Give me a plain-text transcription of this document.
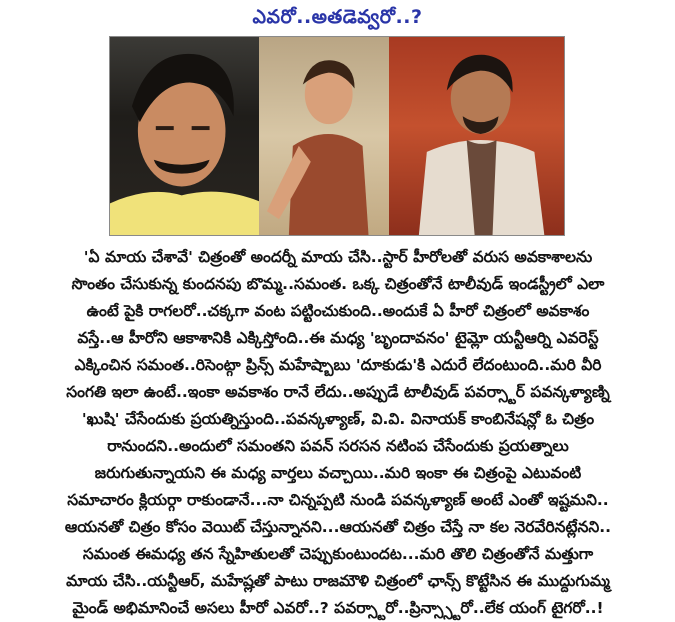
ఎవరో..అతడెవ్వరో..?
'ఏ మాయ చేశావే' చిత్రంతో అందర్నీ మాయ చేసి..స్టార్ హీరోలతో వరుస అవకాశాలను
సొంతం చేసుకున్న కుందనపు బొమ్మ..సమంత. ఒక్క చిత్రంతోనే టాలీవుడ్ ఇండస్ట్రీలో ఎలా
ఉంటే పైకి రాగలరో..చక్కగా వంట పట్టించుకుంది..అందుకే ఏ హీరో చిత్రంలో అవకాశం
వస్తే..ఆ హీరోని ఆకాశానికి ఎక్కిస్తోంది..ఈ మధ్య 'బృందావనం' టైమ్లో యన్టీఆర్ని ఎవరెస్ట్
ఎక్కించిన సమంత..రిసెంట్గా ప్రిన్స్ మహేష్బాబు 'దూకుడు'కి ఎదురే లేదంటుంది..మరి వీరి
సంగతి ఇలా ఉంటే..ఇంకా అవకాశం రానే లేదు..అప్పుడే టాలీవుడ్ పవర్స్టార్ పవన్కళ్యాణ్ని
'ఖుషి' చేసేందుకు ప్రయత్నిస్తుంది..పవన్కళ్యాణ్, వి.వి. వినాయక్ కాంబినేషన్లో ఓ చిత్రం
రానుందని..అందులో సమంతని పవన్ సరసన నటింప చేసేందుకు ప్రయత్నాలు
జరుగుతున్నాయని ఈ మధ్య వార్తలు వచ్చాయి..మరి ఇంకా ఈ చిత్రంపై ఎటువంటి
సమాచారం క్లియర్గా రాకుండానే...నా చిన్నప్పటి నుండి పవన్కళ్యాణ్ అంటే ఎంతో ఇష్టమని..
ఆయనతో చిత్రం కోసం వెయిట్ చేస్తున్నానని...ఆయనతో చిత్రం చేస్తే నా కల నెరవేరినట్లేనని..
సమంత ఈమధ్య తన స్నేహితులతో చెప్పుకుంటుందట...మరి తొలి చిత్రంతోనే మత్తుగా
మాయ చేసి..యన్టీఆర్, మహేష్లతో పాటు రాజమౌళి చిత్రంలో ఛాన్స్ కొట్టేసిన ఈ ముద్దుగుమ్మ
మైండ్ అభిమానించే అసలు హీరో ఎవరో..? పవర్స్టారో..ప్రిన్స్స్టారో..లేక యంగ్ టైగరో..!
